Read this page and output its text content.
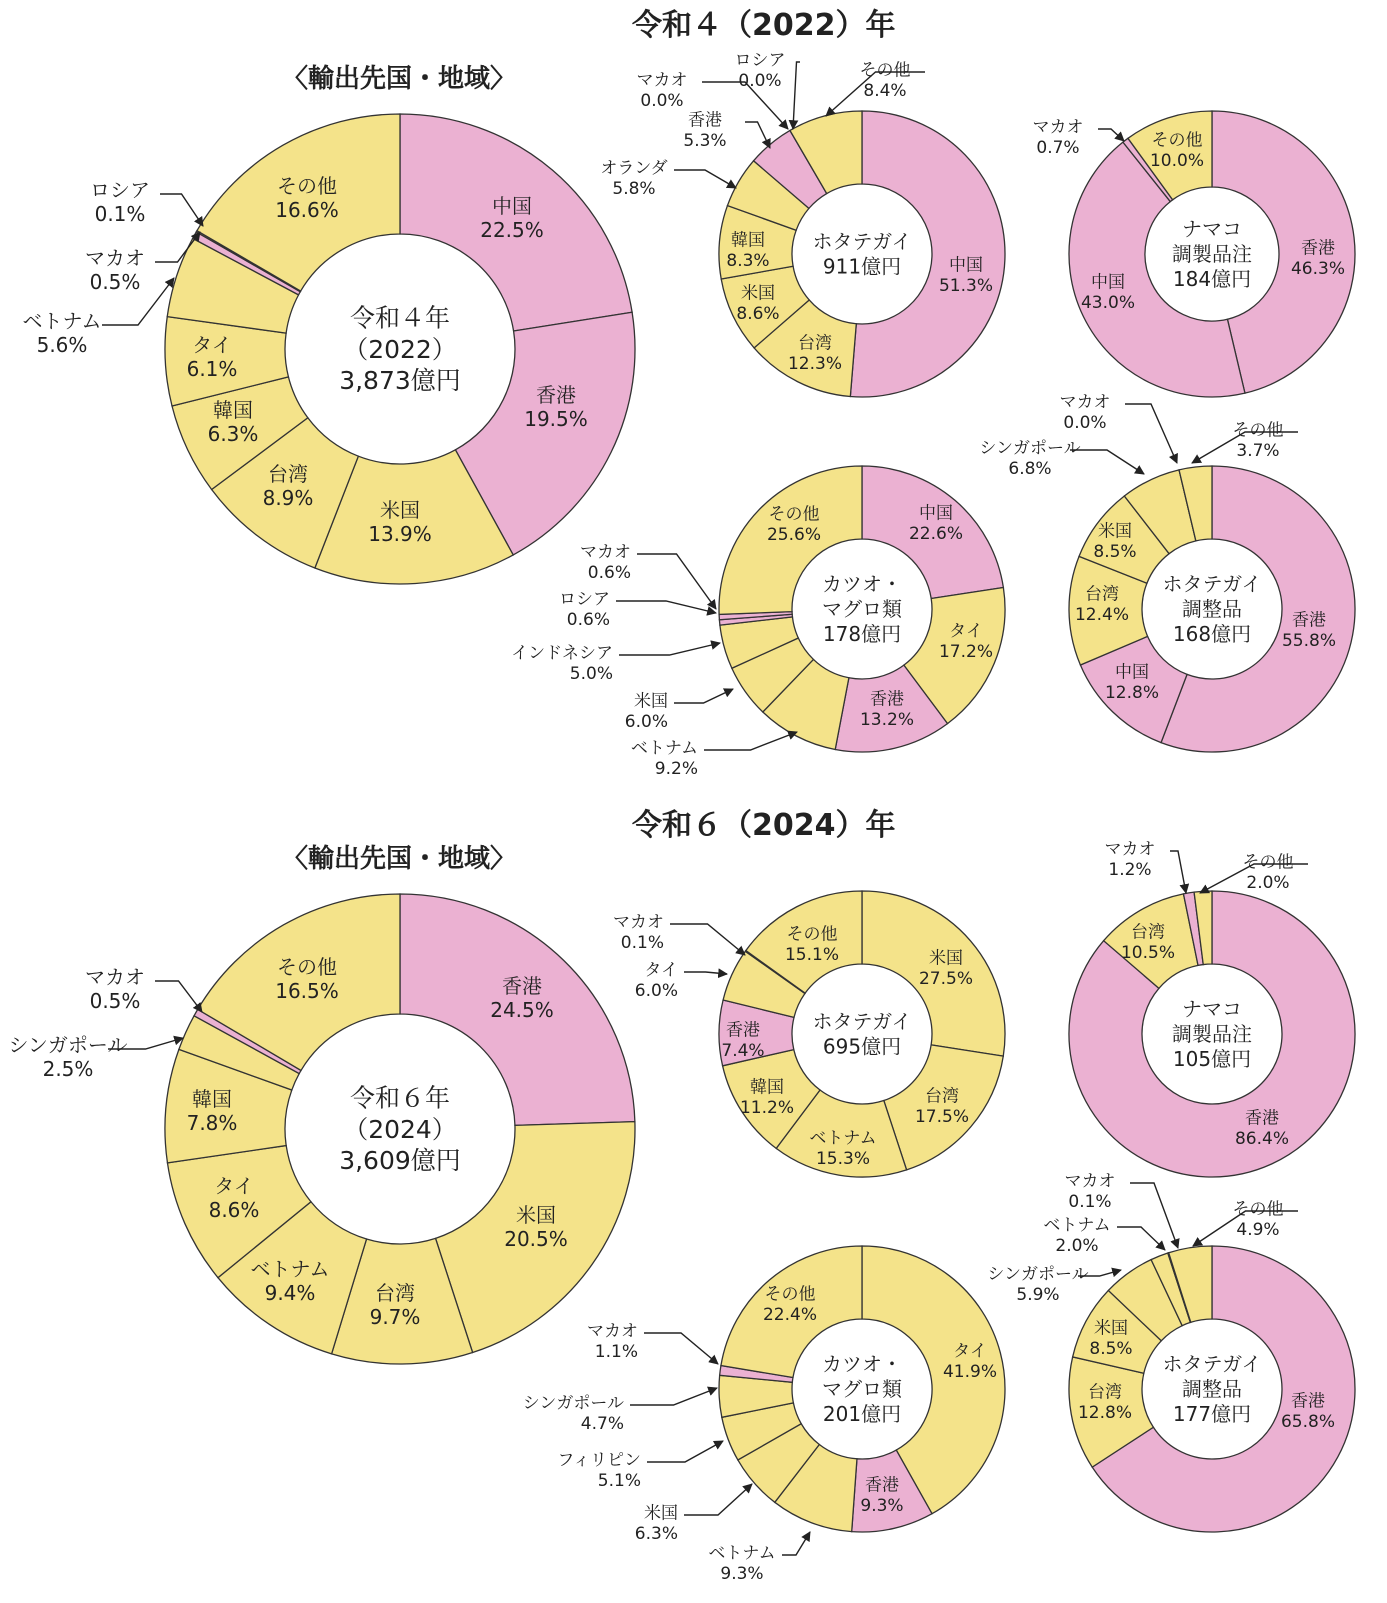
令和４（2022）年
〈輸出先国・地域〉
令和６（2024）年
〈輸出先国・地域〉
中国 22.5%
香港 19.5%
米国 13.9%
台湾 8.9%
韓国 6.3%
タイ 6.1%
ベトナム 5.6%
マカオ 0.5%
ロシア 0.1%
その他 16.6%
令和４年
（2022）
3,873億円
中国 51.3%
台湾 12.3%
米国 8.6%
韓国 8.3%
オランダ 5.8%
香港 5.3%
マカオ 0.0%
ロシア 0.0%
その他 8.4%
ホタテガイ
911億円
香港 46.3%
中国 43.0%
マカオ 0.7%	その他 10.0%
ナマコ
調製品注
184億円
中国 22.6%
タイ 17.2%
香港 13.2%
ベトナム 9.2%
米国 6.0%
インドネシア 5.0%
ロシア 0.6%
マカオ 0.6%
その他 25.6%
カツオ・
マグロ類
178億円
香港 55.8%
中国 12.8%
台湾 12.4%
米国 8.5%
シンガポール 6.8%
マカオ 0.0%	その他 3.7%
ホタテガイ
調整品
168億円
香港 24.5%
米国 20.5%
台湾 9.7%
ベトナム 9.4%
タイ 8.6%
韓国 7.8%
シンガポール 2.5%
マカオ 0.5%
その他 16.5%
令和６年
（2024）
3,609億円
米国 27.5%
台湾 17.5%
ベトナム 15.3%
韓国 11.2%
香港 7.4%
タイ 6.0%
マカオ 0.1%	その他 15.1%
ホタテガイ
695億円
香港 86.4%
台湾 10.5%
マカオ 1.2%	その他 2.0%
ナマコ
調製品注
105億円
タイ 41.9%
香港 9.3%
ベトナム 9.3%
米国 6.3%
フィリピン 5.1%
シンガポール 4.7%
マカオ 1.1%
その他 22.4%
カツオ・
マグロ類
201億円
香港 65.8%
台湾 12.8%
米国 8.5%
シンガポール 5.9%
ベトナム 2.0%
マカオ 0.1%	その他 4.9%
ホタテガイ
調整品
177億円
